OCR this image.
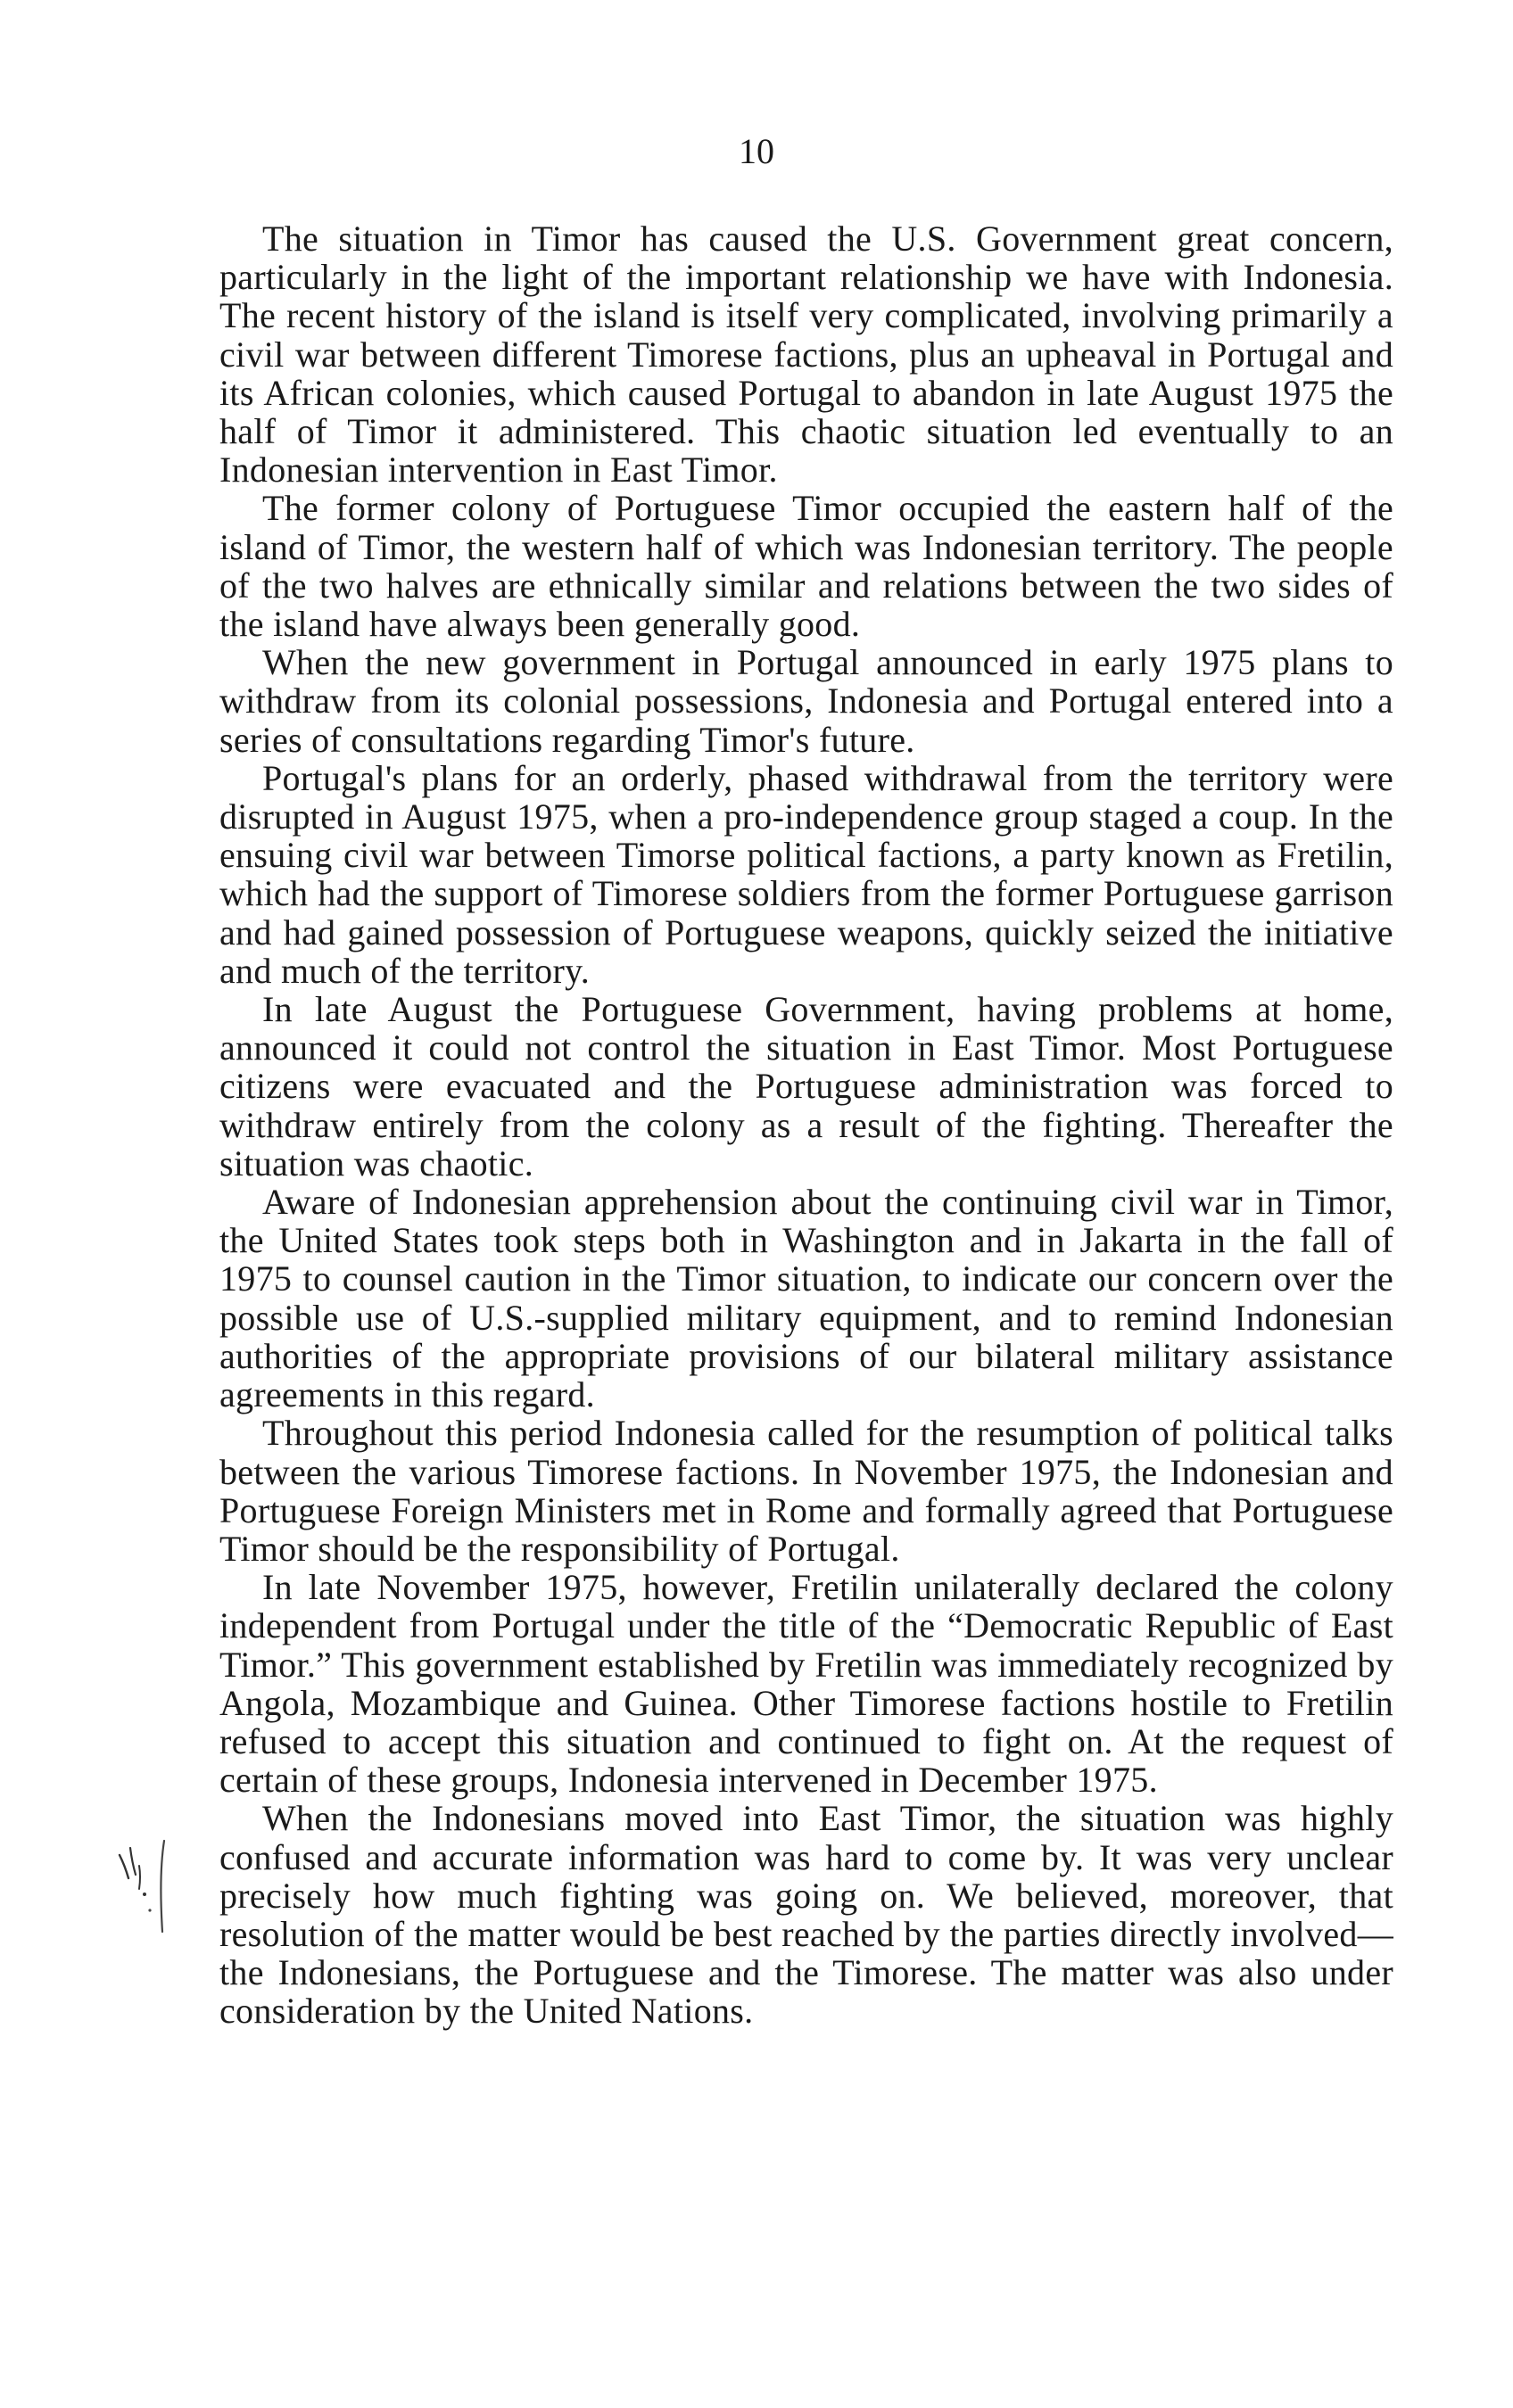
10

The situation in Timor has caused the U.S. Government great concern, particularly in the light of the important relationship we have with Indonesia. The recent history of the island is itself very complicated, involving primarily a civil war between different Timorese factions, plus an upheaval in Portugal and its African colonies, which caused Portugal to abandon in late August 1975 the half of Timor it administered. This chaotic situation led eventually to an Indonesian intervention in East Timor.

The former colony of Portuguese Timor occupied the eastern half of the island of Timor, the western half of which was Indonesian territory. The people of the two halves are ethnically similar and relations between the two sides of the island have always been generally good.

When the new government in Portugal announced in early 1975 plans to withdraw from its colonial possessions, Indonesia and Portugal entered into a series of consultations regarding Timor's future.

Portugal's plans for an orderly, phased withdrawal from the territory were disrupted in August 1975, when a pro-independence group staged a coup. In the ensuing civil war between Timorse political factions, a party known as Fretilin, which had the support of Timorese soldiers from the former Portuguese garrison and had gained possession of Portuguese weapons, quickly seized the initiative and much of the territory.

In late August the Portuguese Government, having problems at home, announced it could not control the situation in East Timor. Most Portuguese citizens were evacuated and the Portuguese administration was forced to withdraw entirely from the colony as a result of the fighting. Thereafter the situation was chaotic.

Aware of Indonesian apprehension about the continuing civil war in Timor, the United States took steps both in Washington and in Jakarta in the fall of 1975 to counsel caution in the Timor situation, to indicate our concern over the possible use of U.S.-supplied military equipment, and to remind Indonesian authorities of the appropriate provisions of our bilateral military assistance agreements in this regard.

Throughout this period Indonesia called for the resumption of political talks between the various Timorese factions. In November 1975, the Indonesian and Portuguese Foreign Ministers met in Rome and formally agreed that Portuguese Timor should be the responsibility of Portugal.

In late November 1975, however, Fretilin unilaterally declared the colony independent from Portugal under the title of the “Democratic Republic of East Timor.” This government established by Fretilin was immediately recognized by Angola, Mozambique and Guinea. Other Timorese factions hostile to Fretilin refused to accept this situation and continued to fight on. At the request of certain of these groups, Indonesia intervened in December 1975.

When the Indonesians moved into East Timor, the situation was highly confused and accurate information was hard to come by. It was very unclear precisely how much fighting was going on. We believed, moreover, that resolution of the matter would be best reached by the parties directly involved—the Indonesians, the Portuguese and the Timorese. The matter was also under consideration by the United Nations.
